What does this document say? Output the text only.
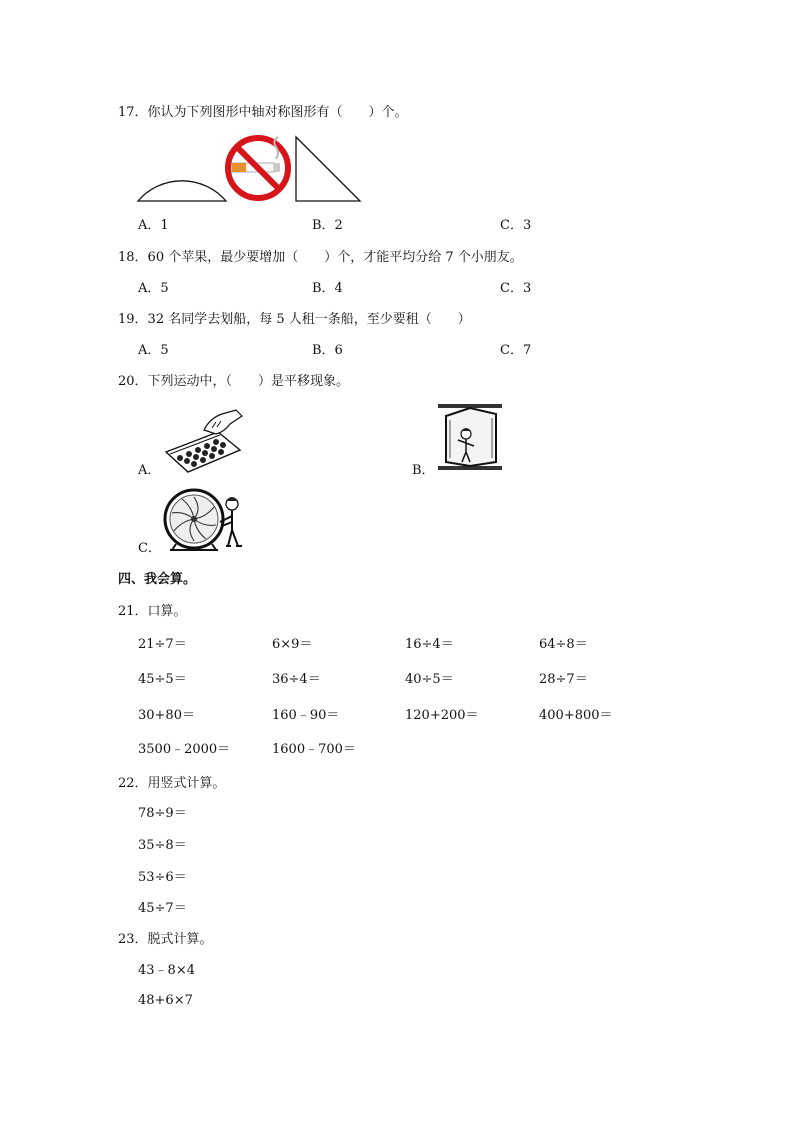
17．你认为下列图形中轴对称图形有（　　）个。
A．1	B．2	C．3
18．60 个苹果，最少要增加（　　）个，才能平均分给 7 个小朋友。
A．5	B．4	C．3
19．32 名同学去划船，每 5 人租一条船，至少要租（　　）
A．5	B．6	C．7
20．下列运动中，（　　）是平移现象。
A．	B．
C．
四、我会算。
21．口算。
21÷7＝	6×9＝	16÷4＝	64÷8＝
45÷5＝	36÷4＝	40÷5＝	28÷7＝
30+80＝	160﹣90＝	120+200＝	400+800＝
3500﹣2000＝	1600﹣700＝
22．用竖式计算。
78÷9＝
35÷8＝
53÷6＝
45÷7＝
23．脱式计算。
43﹣8×4
48+6×7
